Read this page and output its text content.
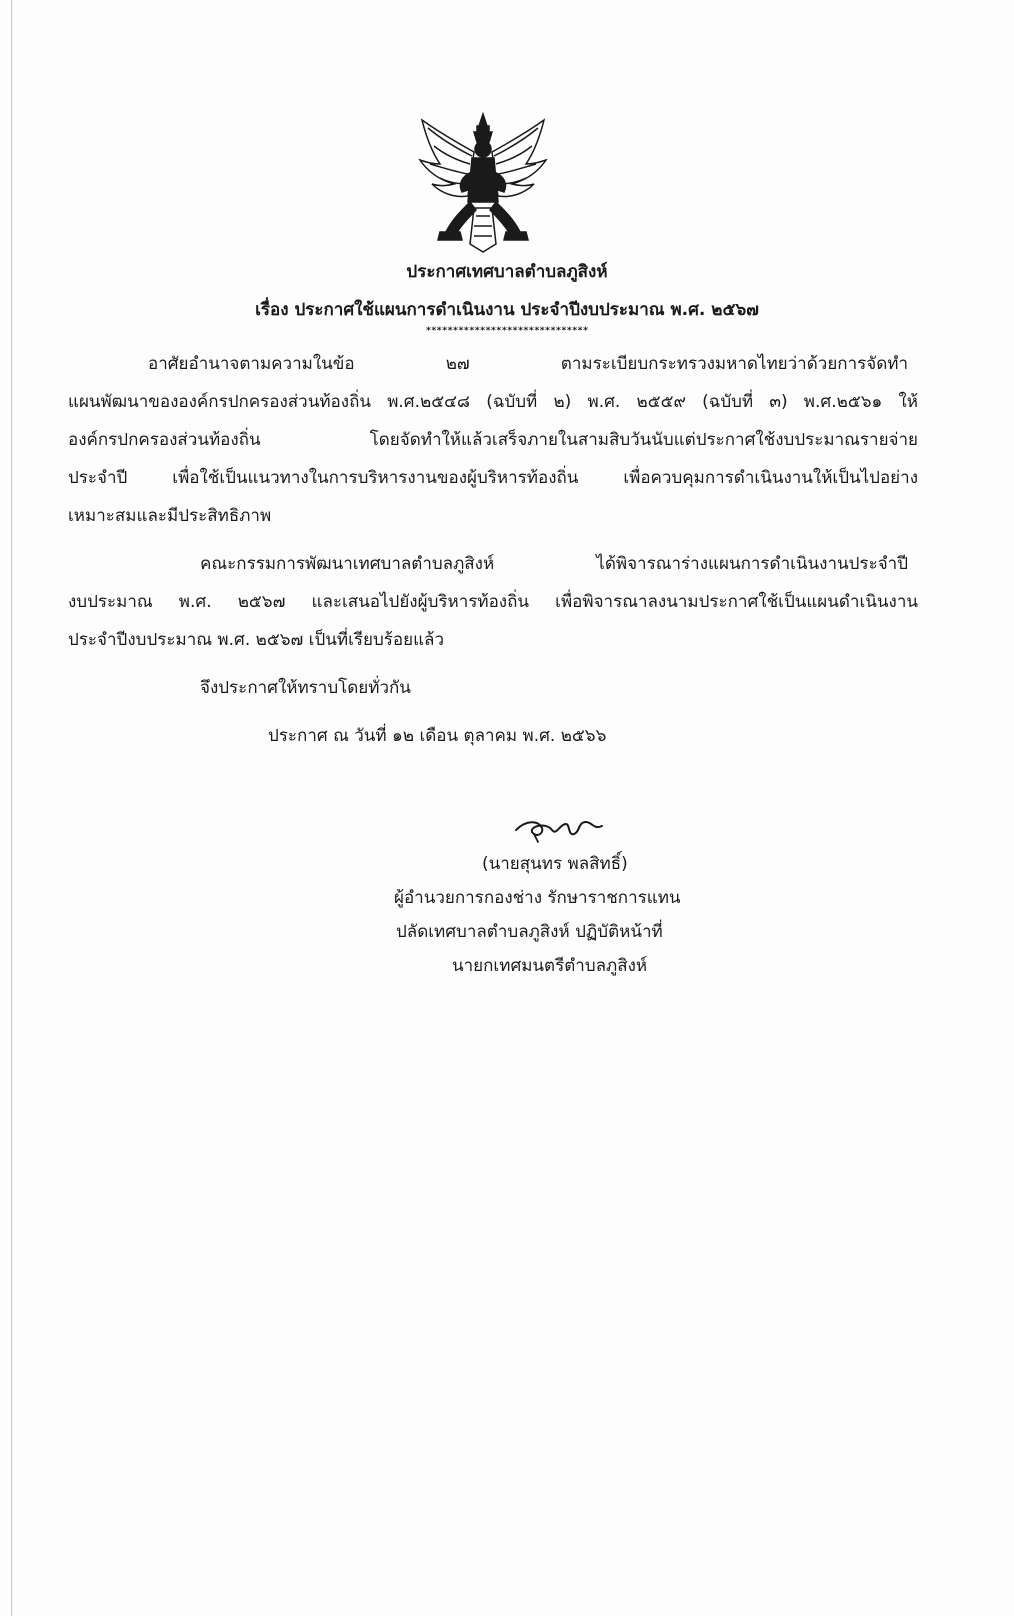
ประกาศเทศบาลตำบลภูสิงห์
เรื่อง ประกาศใช้แผนการดำเนินงาน ประจำปีงบประมาณ พ.ศ. ๒๕๖๗
******************************
อาศัยอำนาจตามความในข้อ ๒๗ ตามระเบียบกระทรวงมหาดไทยว่าด้วยการจัดทำ
แผนพัฒนาขององค์กรปกครองส่วนท้องถิ่น พ.ศ.๒๕๔๘ (ฉบับที่ ๒) พ.ศ. ๒๕๕๙ (ฉบับที่ ๓) พ.ศ.๒๕๖๑ ให้
องค์กรปกครองส่วนท้องถิ่น โดยจัดทำให้แล้วเสร็จภายในสามสิบวันนับแต่ประกาศใช้งบประมาณรายจ่าย
ประจำปี เพื่อใช้เป็นแนวทางในการบริหารงานของผู้บริหารท้องถิ่น เพื่อควบคุมการดำเนินงานให้เป็นไปอย่าง
เหมาะสมและมีประสิทธิภาพ
คณะกรรมการพัฒนาเทศบาลตำบลภูสิงห์ ได้พิจารณาร่างแผนการดำเนินงานประจำปี
งบประมาณ พ.ศ. ๒๕๖๗ และเสนอไปยังผู้บริหารท้องถิ่น เพื่อพิจารณาลงนามประกาศใช้เป็นแผนดำเนินงาน
ประจำปีงบประมาณ พ.ศ. ๒๕๖๗ เป็นที่เรียบร้อยแล้ว
จึงประกาศให้ทราบโดยทั่วกัน
ประกาศ ณ วันที่ ๑๒ เดือน ตุลาคม พ.ศ. ๒๕๖๖
(นายสุนทร พลสิทธิ์)
ผู้อำนวยการกองช่าง รักษาราชการแทน
ปลัดเทศบาลตำบลภูสิงห์ ปฏิบัติหน้าที่
นายกเทศมนตรีตำบลภูสิงห์
